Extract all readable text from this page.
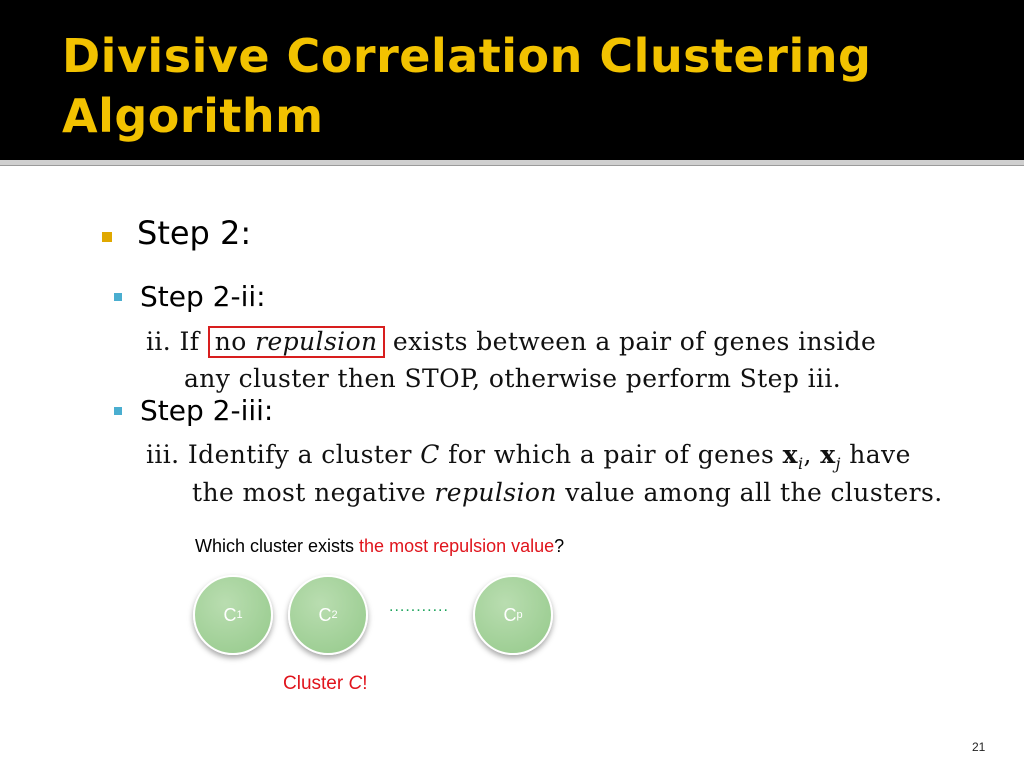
Divisive Correlation Clustering
Algorithm
Step 2:
Step 2-ii:
ii. If no repulsion exists between a pair of genes inside
any cluster then STOP, otherwise perform Step iii.
Step 2-iii:
iii. Identify a cluster C for which a pair of genes $x_i$, $x_j$ have
the most negative repulsion value among all the clusters.
Which cluster exists the most repulsion value?
C 1	C 2	...........	C p
Cluster C!
21
